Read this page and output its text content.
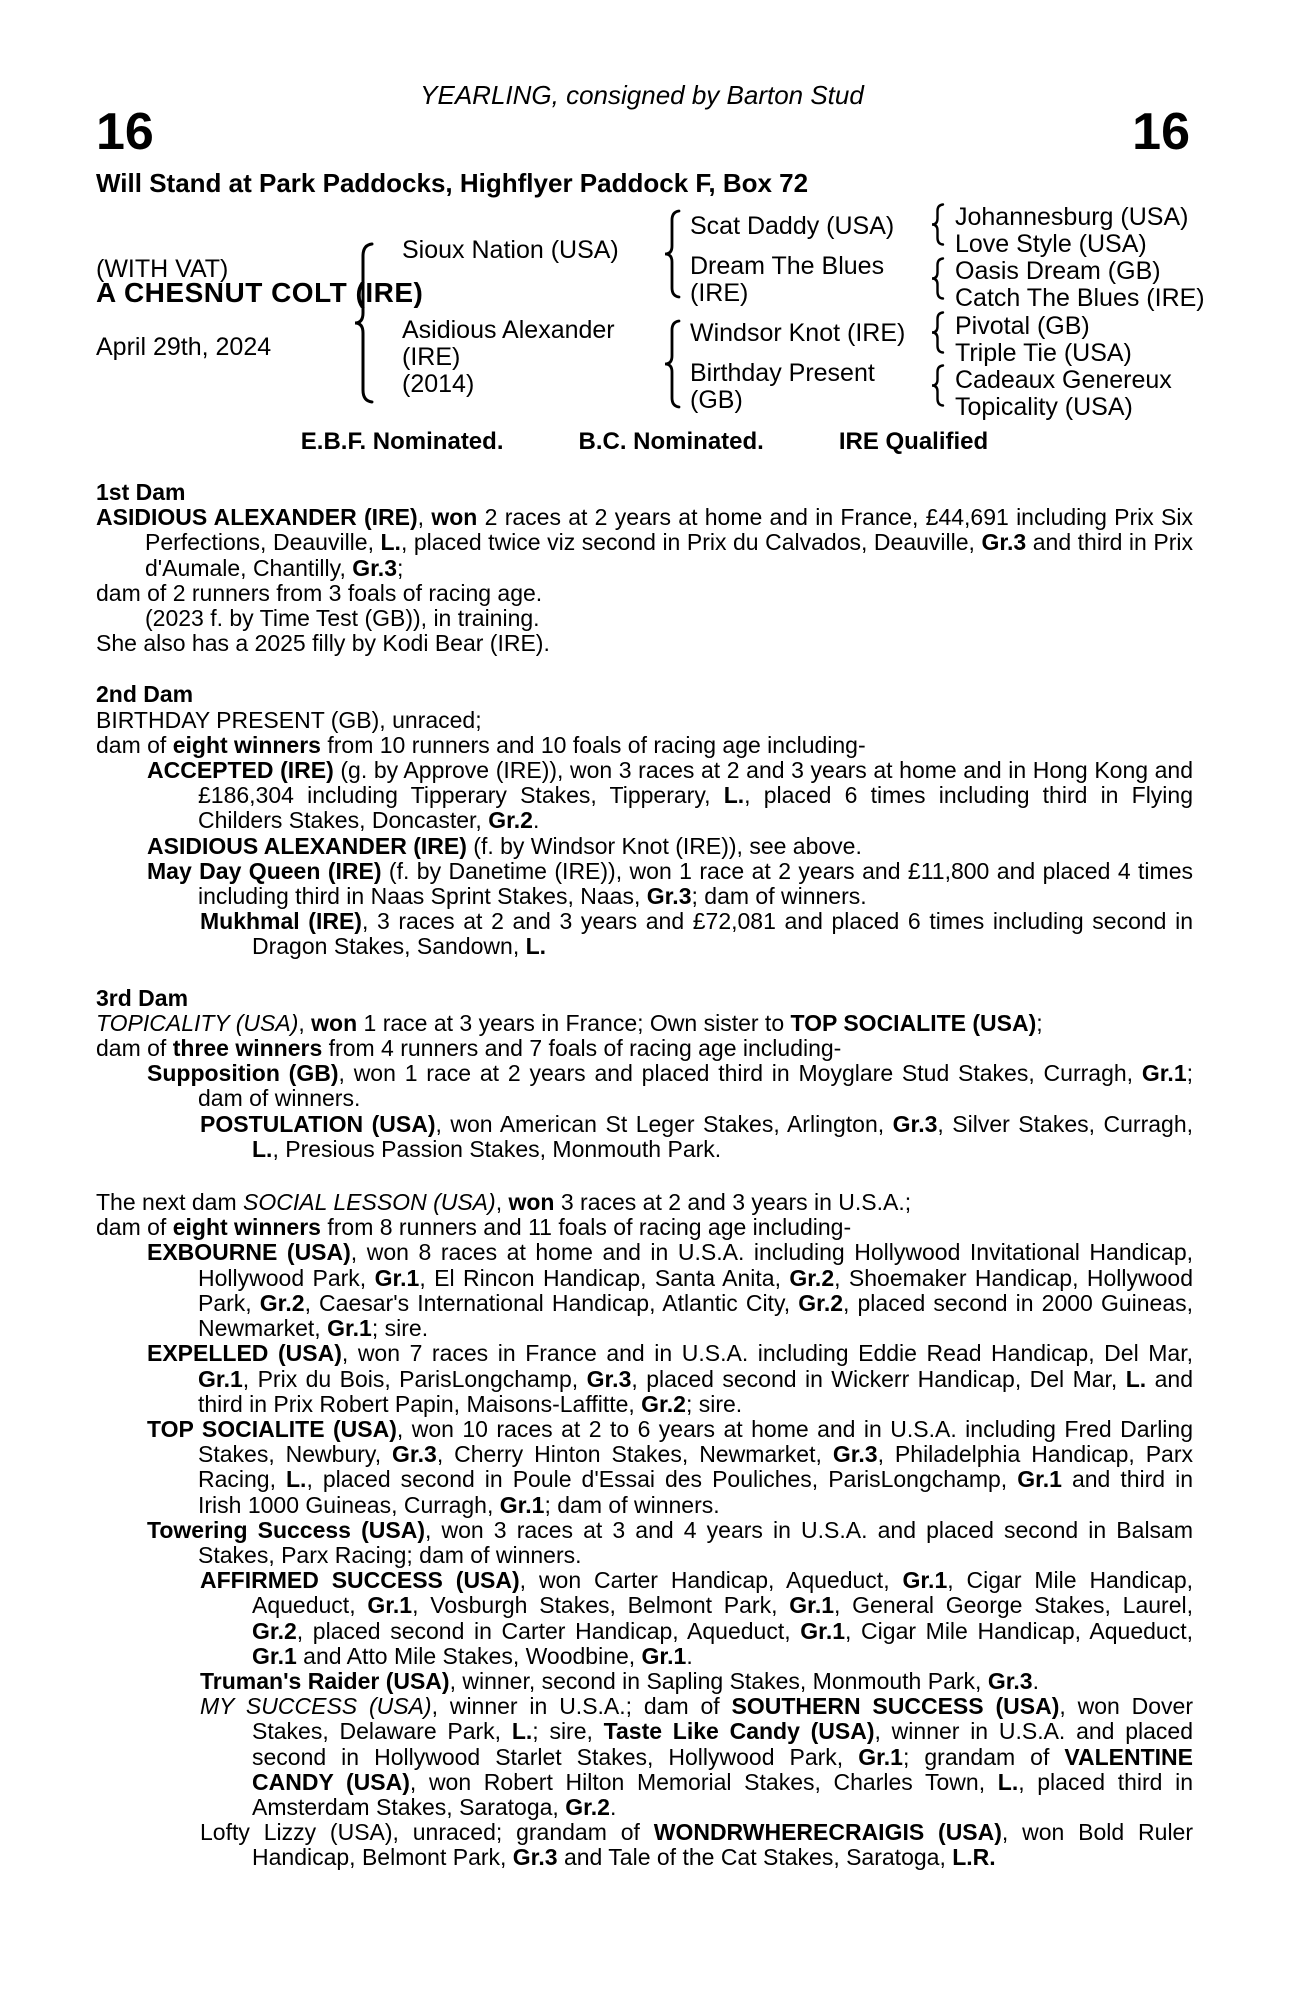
YEARLING, consigned by Barton Stud
16	16
Will Stand at Park Paddocks, Highflyer Paddock F, Box 72
(WITH VAT)
A CHESNUT COLT (IRE)
April 29th, 2024
Sioux Nation (USA)
Asidious Alexander
(IRE)
(2014)
Scat Daddy (USA)
Dream The Blues
(IRE)
Windsor Knot (IRE)
Birthday Present
(GB)
Johannesburg (USA)
Love Style (USA)
Oasis Dream (GB)
Catch The Blues (IRE)
Pivotal (GB)
Triple Tie (USA)
Cadeaux Genereux
Topicality (USA)
E.B.F. Nominated.	B.C. Nominated.	IRE Qualified
1st Dam
ASIDIOUS ALEXANDER (IRE), won 2 races at 2 years at home and in France, £44,691 including Prix Six Perfections, Deauville, L., placed twice viz second in Prix du Calvados, Deauville, Gr.3 and third in Prix d'Aumale, Chantilly, Gr.3;
dam of 2 runners from 3 foals of racing age.
(2023 f. by Time Test (GB)), in training.
She also has a 2025 filly by Kodi Bear (IRE).
2nd Dam
BIRTHDAY PRESENT (GB), unraced;
dam of eight winners from 10 runners and 10 foals of racing age including-
ACCEPTED (IRE) (g. by Approve (IRE)), won 3 races at 2 and 3 years at home and in Hong Kong and £186,304 including Tipperary Stakes, Tipperary, L., placed 6 times including third in Flying Childers Stakes, Doncaster, Gr.2.
ASIDIOUS ALEXANDER (IRE) (f. by Windsor Knot (IRE)), see above.
May Day Queen (IRE) (f. by Danetime (IRE)), won 1 race at 2 years and £11,800 and placed 4 times including third in Naas Sprint Stakes, Naas, Gr.3; dam of winners.
Mukhmal (IRE), 3 races at 2 and 3 years and £72,081 and placed 6 times including second in Dragon Stakes, Sandown, L.
3rd Dam
TOPICALITY (USA), won 1 race at 3 years in France; Own sister to TOP SOCIALITE (USA);
dam of three winners from 4 runners and 7 foals of racing age including-
Supposition (GB), won 1 race at 2 years and placed third in Moyglare Stud Stakes, Curragh, Gr.1; dam of winners.
POSTULATION (USA), won American St Leger Stakes, Arlington, Gr.3, Silver Stakes, Curragh, L., Presious Passion Stakes, Monmouth Park.
The next dam SOCIAL LESSON (USA), won 3 races at 2 and 3 years in U.S.A.;
dam of eight winners from 8 runners and 11 foals of racing age including-
EXBOURNE (USA), won 8 races at home and in U.S.A. including Hollywood Invitational Handicap, Hollywood Park, Gr.1, El Rincon Handicap, Santa Anita, Gr.2, Shoemaker Handicap, Hollywood Park, Gr.2, Caesar's International Handicap, Atlantic City, Gr.2, placed second in 2000 Guineas, Newmarket, Gr.1; sire.
EXPELLED (USA), won 7 races in France and in U.S.A. including Eddie Read Handicap, Del Mar, Gr.1, Prix du Bois, ParisLongchamp, Gr.3, placed second in Wickerr Handicap, Del Mar, L. and third in Prix Robert Papin, Maisons-Laffitte, Gr.2; sire.
TOP SOCIALITE (USA), won 10 races at 2 to 6 years at home and in U.S.A. including Fred Darling Stakes, Newbury, Gr.3, Cherry Hinton Stakes, Newmarket, Gr.3, Philadelphia Handicap, Parx Racing, L., placed second in Poule d'Essai des Pouliches, ParisLongchamp, Gr.1 and third in Irish 1000 Guineas, Curragh, Gr.1; dam of winners.
Towering Success (USA), won 3 races at 3 and 4 years in U.S.A. and placed second in Balsam Stakes, Parx Racing; dam of winners.
AFFIRMED SUCCESS (USA), won Carter Handicap, Aqueduct, Gr.1, Cigar Mile Handicap, Aqueduct, Gr.1, Vosburgh Stakes, Belmont Park, Gr.1, General George Stakes, Laurel, Gr.2, placed second in Carter Handicap, Aqueduct, Gr.1, Cigar Mile Handicap, Aqueduct, Gr.1 and Atto Mile Stakes, Woodbine, Gr.1.
Truman's Raider (USA), winner, second in Sapling Stakes, Monmouth Park, Gr.3.
MY SUCCESS (USA), winner in U.S.A.; dam of SOUTHERN SUCCESS (USA), won Dover Stakes, Delaware Park, L.; sire, Taste Like Candy (USA), winner in U.S.A. and placed second in Hollywood Starlet Stakes, Hollywood Park, Gr.1; grandam of VALENTINE CANDY (USA), won Robert Hilton Memorial Stakes, Charles Town, L., placed third in Amsterdam Stakes, Saratoga, Gr.2.
Lofty Lizzy (USA), unraced; grandam of WONDRWHERECRAIGIS (USA), won Bold Ruler Handicap, Belmont Park, Gr.3 and Tale of the Cat Stakes, Saratoga, L.R.
